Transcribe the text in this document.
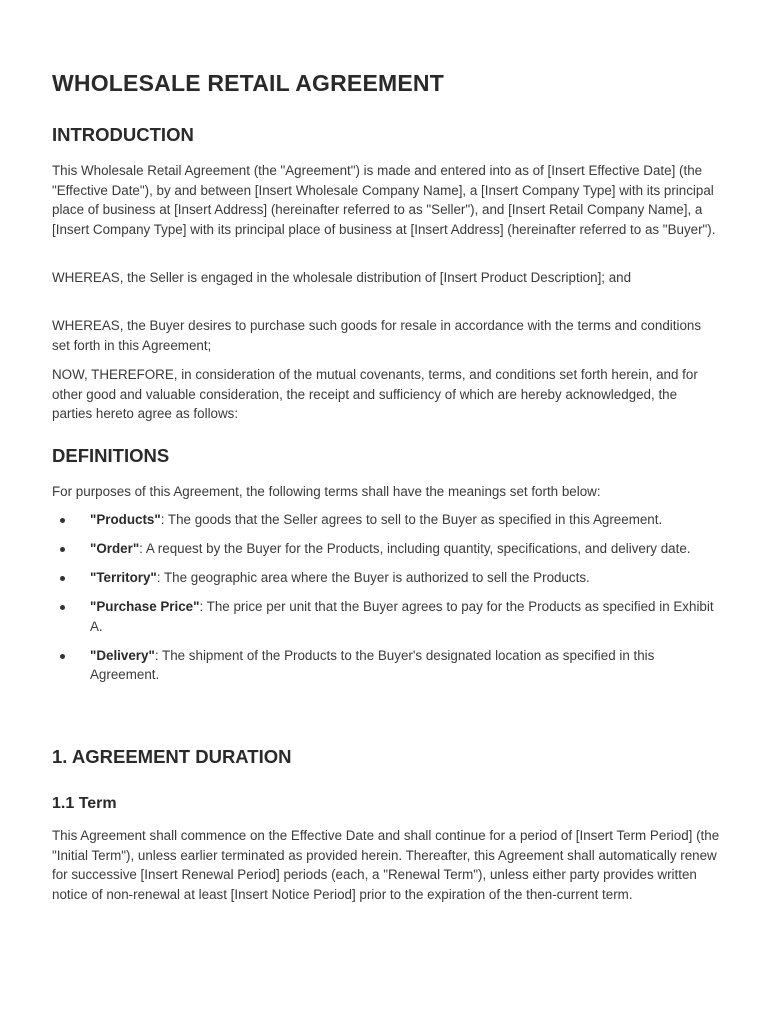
WHOLESALE RETAIL AGREEMENT
INTRODUCTION

This Wholesale Retail Agreement (the "Agreement") is made and entered into as of [Insert Effective Date] (the "Effective Date"), by and between [Insert Wholesale Company Name], a [Insert Company Type] with its principal place of business at [Insert Address] (hereinafter referred to as "Seller"), and [Insert Retail Company Name], a [Insert Company Type] with its principal place of business at [Insert Address] (hereinafter referred to as "Buyer").

WHEREAS, the Seller is engaged in the wholesale distribution of [Insert Product Description]; and

WHEREAS, the Buyer desires to purchase such goods for resale in accordance with the terms and conditions set forth in this Agreement;

NOW, THEREFORE, in consideration of the mutual covenants, terms, and conditions set forth herein, and for other good and valuable consideration, the receipt and sufficiency of which are hereby acknowledged, the parties hereto agree as follows:

DEFINITIONS

For purposes of this Agreement, the following terms shall have the meanings set forth below:

"Products": The goods that the Seller agrees to sell to the Buyer as specified in this Agreement.
"Order": A request by the Buyer for the Products, including quantity, specifications, and delivery date.
"Territory": The geographic area where the Buyer is authorized to sell the Products.
"Purchase Price": The price per unit that the Buyer agrees to pay for the Products as specified in Exhibit A.
"Delivery": The shipment of the Products to the Buyer's designated location as specified in this Agreement.
1. AGREEMENT DURATION
1.1 Term

This Agreement shall commence on the Effective Date and shall continue for a period of [Insert Term Period] (the "Initial Term"), unless earlier terminated as provided herein. Thereafter, this Agreement shall automatically renew for successive [Insert Renewal Period] periods (each, a "Renewal Term"), unless either party provides written notice of non-renewal at least [Insert Notice Period] prior to the expiration of the then-current term.
